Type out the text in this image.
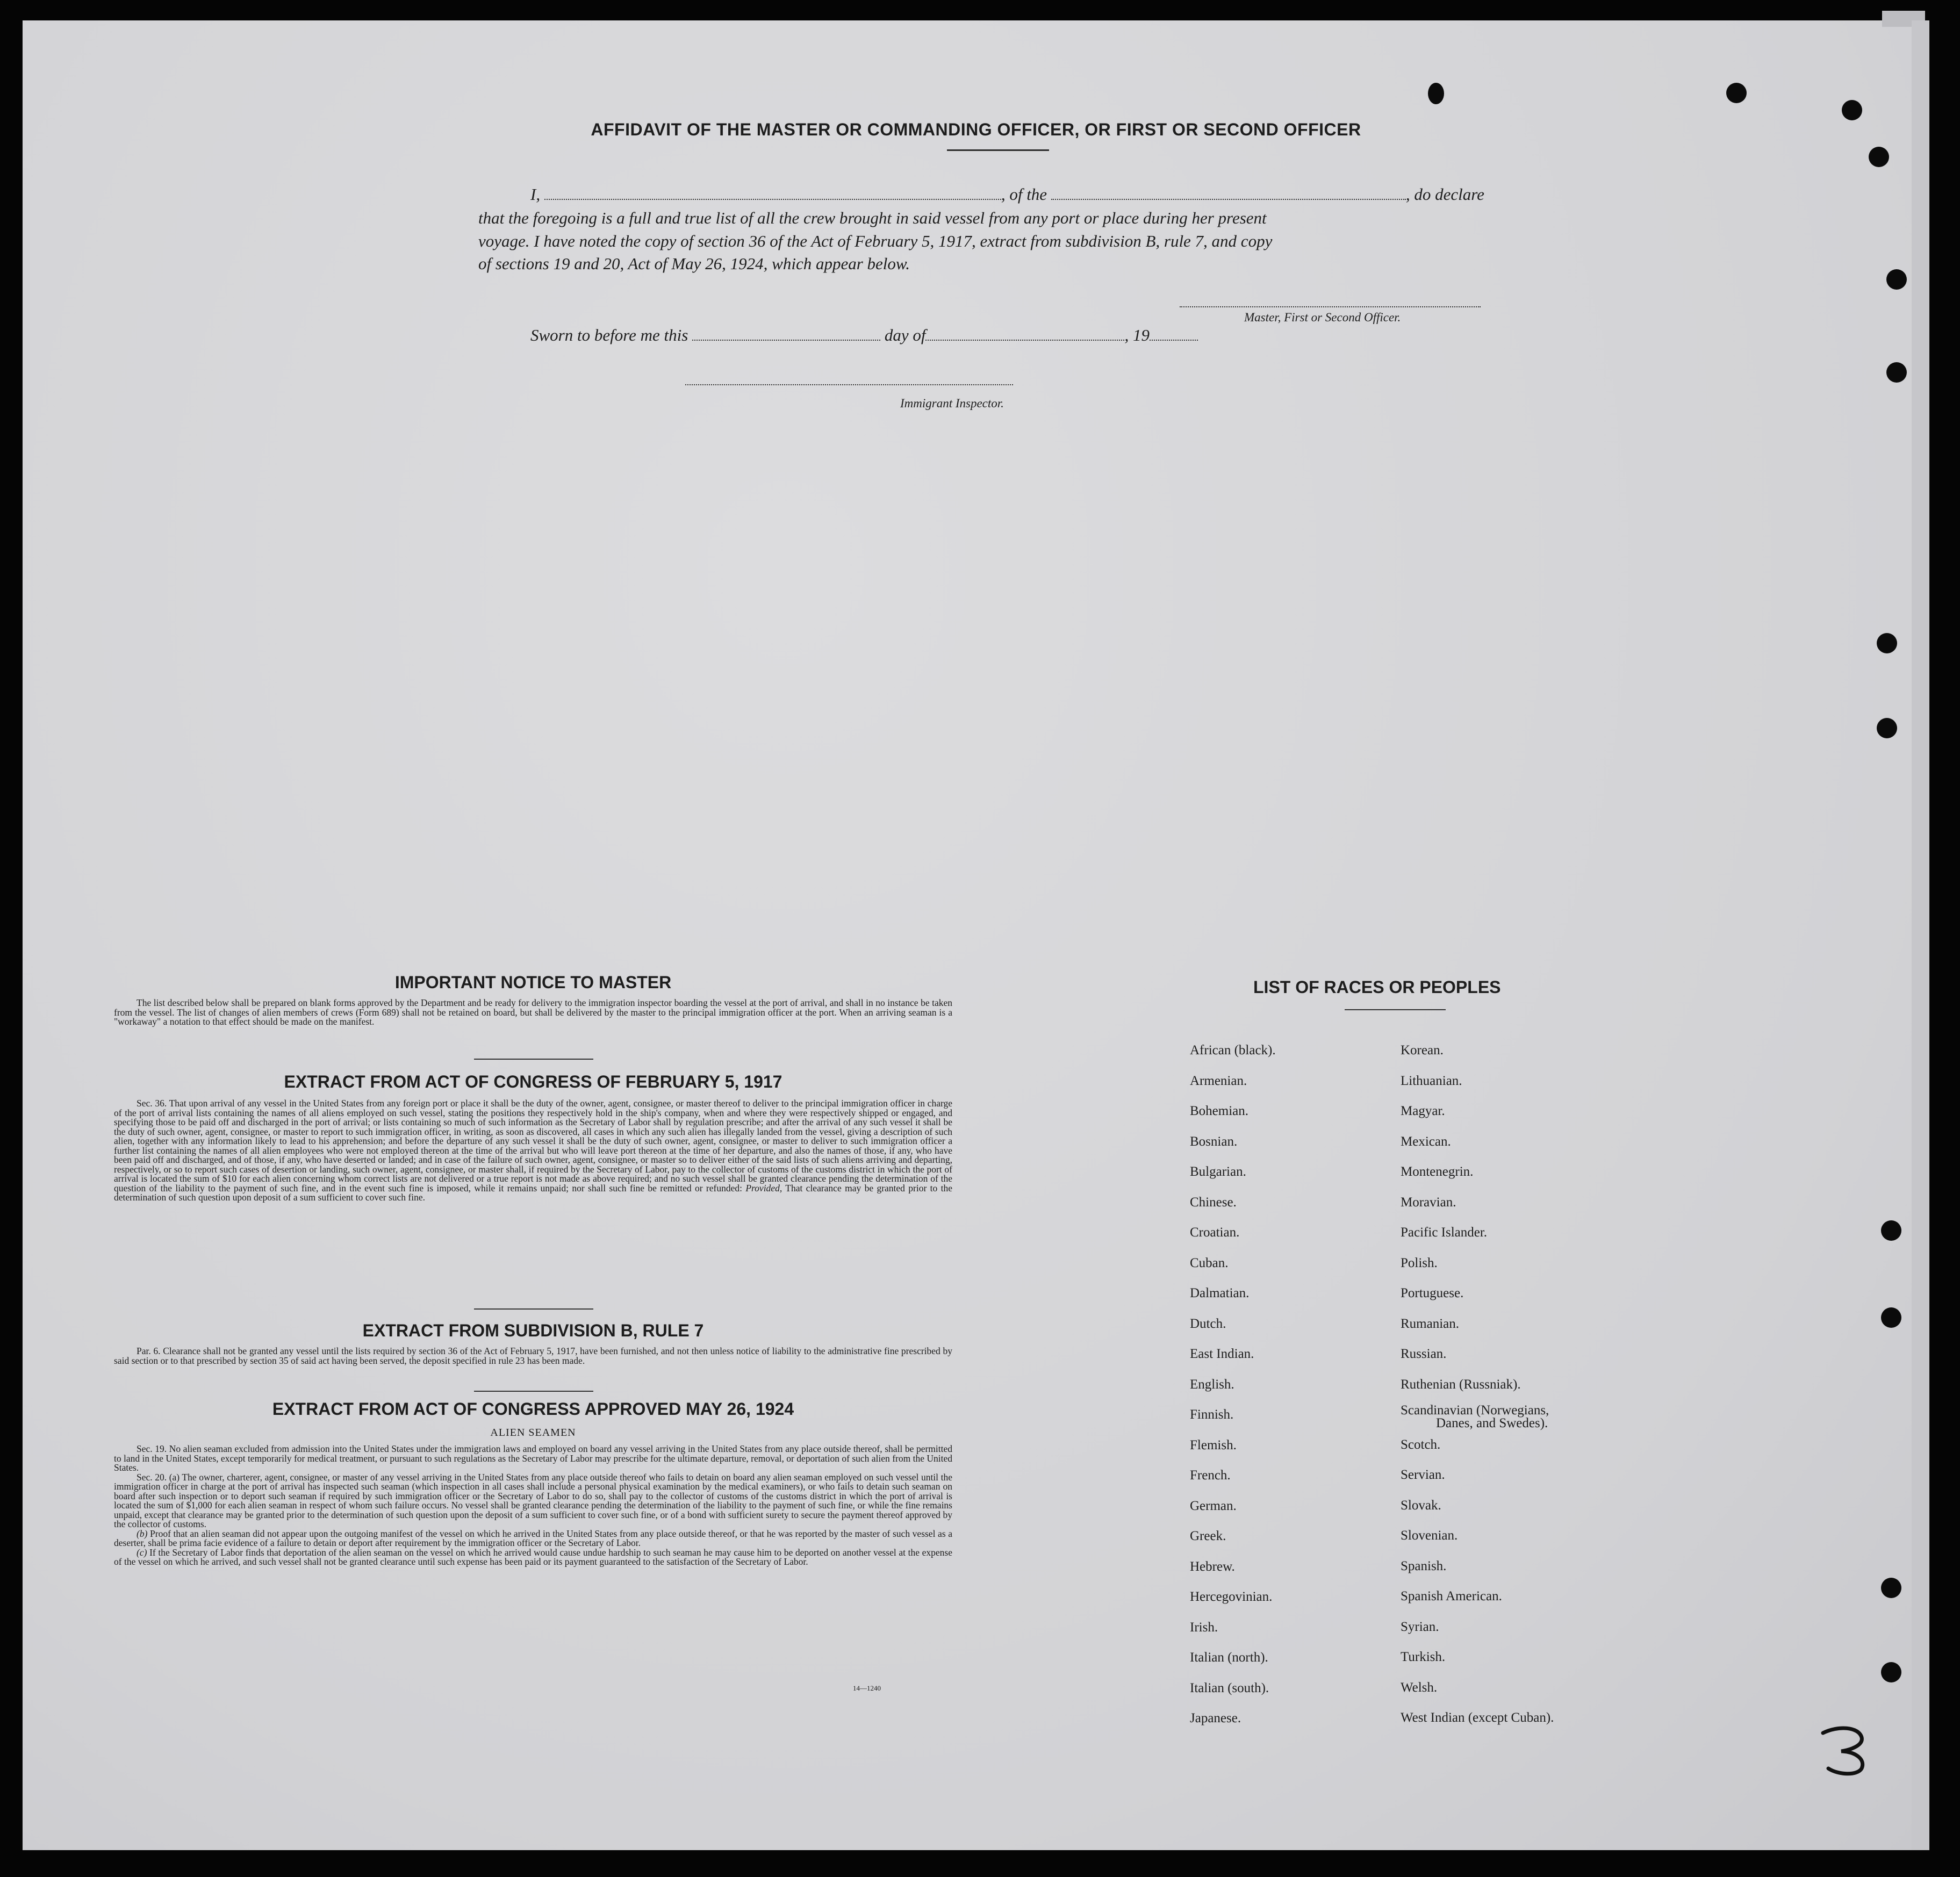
AFFIDAVIT OF THE MASTER OR COMMANDING OFFICER, OR FIRST OR SECOND OFFICER
I,	, of the	, do declare
that the foregoing is a full and true list of all the crew brought in said vessel from any port or place during her present
voyage. I have noted the copy of section 36 of the Act of February 5, 1917, extract from subdivision B, rule 7, and copy
of sections 19 and 20, Act of May 26, 1924, which appear below.
Master, First or Second Officer.
Sworn to before me this	day of	, 19
Immigrant Inspector.
IMPORTANT NOTICE TO MASTER

The list described below shall be prepared on blank forms approved by the Department and be ready for delivery to the immigration inspector boarding the vessel at the port of arrival, and shall in no instance be taken from the vessel. The list of changes of alien members of crews (Form 689) shall not be retained on board, but shall be delivered by the master to the principal immigration officer at the port. When an arriving seaman is a "workaway" a notation to that effect should be made on the manifest.

EXTRACT FROM ACT OF CONGRESS OF FEBRUARY 5, 1917

Sec. 36. That upon arrival of any vessel in the United States from any foreign port or place it shall be the duty of the owner, agent, consignee, or master thereof to deliver to the principal immigration officer in charge of the port of arrival lists containing the names of all aliens employed on such vessel, stating the positions they respectively hold in the ship's company, when and where they were respectively shipped or engaged, and specifying those to be paid off and discharged in the port of arrival; or lists containing so much of such information as the Secretary of Labor shall by regulation prescribe; and after the arrival of any such vessel it shall be the duty of such owner, agent, consignee, or master to report to such immigration officer, in writing, as soon as discovered, all cases in which any such alien has illegally landed from the vessel, giving a description of such alien, together with any information likely to lead to his apprehension; and before the departure of any such vessel it shall be the duty of such owner, agent, consignee, or master to deliver to such immigration officer a further list containing the names of all alien employees who were not employed thereon at the time of the arrival but who will leave port thereon at the time of her departure, and also the names of those, if any, who have been paid off and discharged, and of those, if any, who have deserted or landed; and in case of the failure of such owner, agent, consignee, or master so to deliver either of the said lists of such aliens arriving and departing, respectively, or so to report such cases of desertion or landing, such owner, agent, consignee, or master shall, if required by the Secretary of Labor, pay to the collector of customs of the customs district in which the port of arrival is located the sum of $10 for each alien concerning whom correct lists are not delivered or a true report is not made as above required; and no such vessel shall be granted clearance pending the determination of the question of the liability to the payment of such fine, and in the event such fine is imposed, while it remains unpaid; nor shall such fine be remitted or refunded: Provided, That clearance may be granted prior to the determination of such question upon deposit of a sum sufficient to cover such fine.

EXTRACT FROM SUBDIVISION B, RULE 7

Par. 6. Clearance shall not be granted any vessel until the lists required by section 36 of the Act of February 5, 1917, have been furnished, and not then unless notice of liability to the administrative fine prescribed by said section or to that prescribed by section 35 of said act having been served, the deposit specified in rule 23 has been made.

EXTRACT FROM ACT OF CONGRESS APPROVED MAY 26, 1924
ALIEN SEAMEN

Sec. 19. No alien seaman excluded from admission into the United States under the immigration laws and employed on board any vessel arriving in the United States from any place outside thereof, shall be permitted to land in the United States, except temporarily for medical treatment, or pursuant to such regulations as the Secretary of Labor may prescribe for the ultimate departure, removal, or deportation of such alien from the United States.

Sec. 20. (a) The owner, charterer, agent, consignee, or master of any vessel arriving in the United States from any place outside thereof who fails to detain on board any alien seaman employed on such vessel until the immigration officer in charge at the port of arrival has inspected such seaman (which inspection in all cases shall include a personal physical examination by the medical examiners), or who fails to detain such seaman on board after such inspection or to deport such seaman if required by such immigration officer or the Secretary of Labor to do so, shall pay to the collector of customs of the customs district in which the port of arrival is located the sum of $1,000 for each alien seaman in respect of whom such failure occurs. No vessel shall be granted clearance pending the determination of the liability to the payment of such fine, or while the fine remains unpaid, except that clearance may be granted prior to the determination of such question upon the deposit of a sum sufficient to cover such fine, or of a bond with sufficient surety to secure the payment thereof approved by the collector of customs.

(b) Proof that an alien seaman did not appear upon the outgoing manifest of the vessel on which he arrived in the United States from any place outside thereof, or that he was reported by the master of such vessel as a deserter, shall be prima facie evidence of a failure to detain or deport after requirement by the immigration officer or the Secretary of Labor.

(c) If the Secretary of Labor finds that deportation of the alien seaman on the vessel on which he arrived would cause undue hardship to such seaman he may cause him to be deported on another vessel at the expense of the vessel on which he arrived, and such vessel shall not be granted clearance until such expense has been paid or its payment guaranteed to the satisfaction of the Secretary of Labor.

14—1240
LIST OF RACES OR PEOPLES
African (black).
Armenian.
Bohemian.
Bosnian.
Bulgarian.
Chinese.
Croatian.
Cuban.
Dalmatian.
Dutch.
East Indian.
English.
Finnish.
Flemish.
French.
German.
Greek.
Hebrew.
Hercegovinian.
Irish.
Italian (north).
Italian (south).
Japanese.
Korean.
Lithuanian.
Magyar.
Mexican.
Montenegrin.
Moravian.
Pacific Islander.
Polish.
Portuguese.
Rumanian.
Russian.
Ruthenian (Russniak).
Scandinavian (Norwegians,
Danes, and Swedes).
Scotch.
Servian.
Slovak.
Slovenian.
Spanish.
Spanish American.
Syrian.
Turkish.
Welsh.
West Indian (except Cuban).
